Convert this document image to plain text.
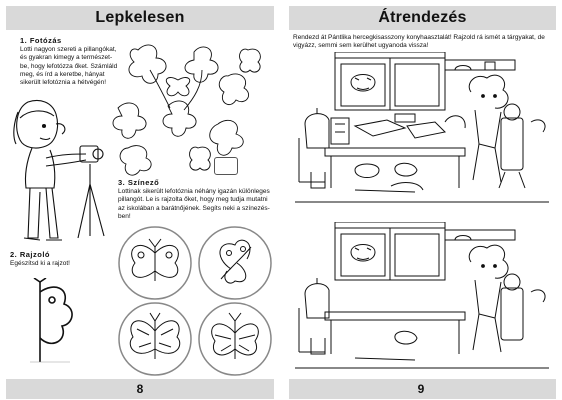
Lepkelesen
1. Fotózás
Lotti nagyon szereti a pillangókat,
és gyakran kimegy a természet-
be, hogy lefotózza őket. Számláld
meg, és írd a keretbe, hányat
sikerült lefotóznia a hétvégén!
3. Színező
Lottinak sikerült lefotóznia néhány igazán különleges
pillangót. Le is rajzolta őket, hogy meg tudja mutatni
az iskolában a barátnőjének. Segíts neki a színezés-
ben!
2. Rajzoló
Egészítsd ki a rajzot!
8
Átrendezés
Rendezd át Pántlika hercegkisasszony konyhaasztalát! Rajzold rá ismét a tárgyakat, de
vigyázz, semmi sem kerülhet ugyanoda vissza!
9
